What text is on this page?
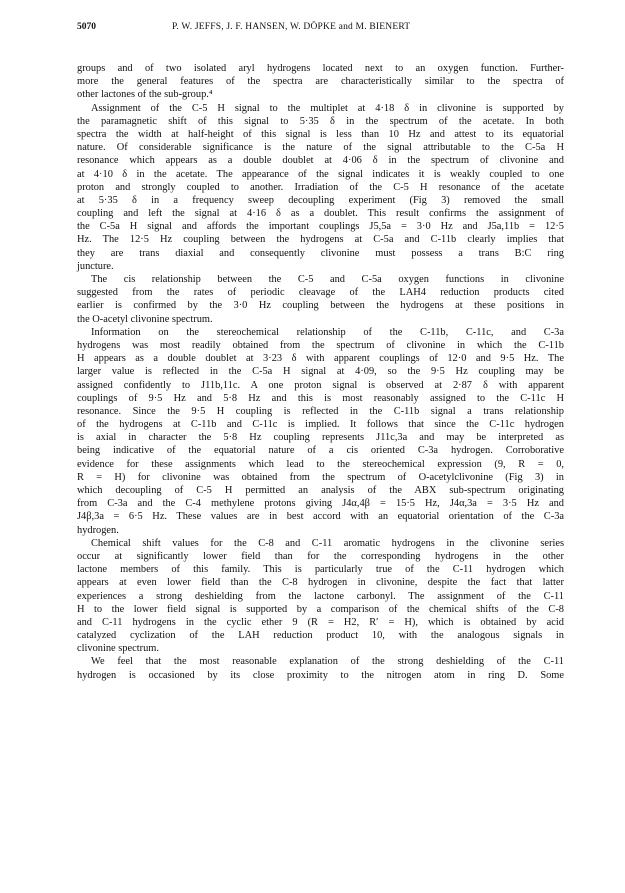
5070	P. W. JEFFS, J. F. HANSEN, W. DÖPKE and M. BIENERT
groups and of two isolated aryl hydrogens located next to an oxygen function. Further-
more the general features of the spectra are characteristically similar to the spectra of
other lactones of the sub-group.⁴
Assignment of the C-5 H signal to the multiplet at 4·18 δ in clivonine is supported by
the paramagnetic shift of this signal to 5·35 δ in the spectrum of the acetate. In both
spectra the width at half-height of this signal is less than 10 Hz and attest to its equatorial
nature. Of considerable significance is the nature of the signal attributable to the C-5a H
resonance which appears as a double doublet at 4·06 δ in the spectrum of clivonine and
at 4·10 δ in the acetate. The appearance of the signal indicates it is weakly coupled to one
proton and strongly coupled to another. Irradiation of the C-5 H resonance of the acetate
at 5·35 δ in a frequency sweep decoupling experiment (Fig 3) removed the small
coupling and left the signal at 4·16 δ as a doublet. This result confirms the assignment of
the C-5a H signal and affords the important couplings J5,5a = 3·0 Hz and J5a,11b = 12·5
Hz. The 12·5 Hz coupling between the hydrogens at C-5a and C-11b clearly implies that
they are trans diaxial and consequently clivonine must possess a trans B:C ring
juncture.
The cis relationship between the C-5 and C-5a oxygen functions in clivonine
suggested from the rates of periodic cleavage of the LAH4 reduction products cited
earlier is confirmed by the 3·0 Hz coupling between the hydrogens at these positions in
the O-acetyl clivonine spectrum.
Information on the stereochemical relationship of the C-11b, C-11c, and C-3a
hydrogens was most readily obtained from the spectrum of clivonine in which the C-11b
H appears as a double doublet at 3·23 δ with apparent couplings of 12·0 and 9·5 Hz. The
larger value is reflected in the C-5a H signal at 4·09, so the 9·5 Hz coupling may be
assigned confidently to J11b,11c. A one proton signal is observed at 2·87 δ with apparent
couplings of 9·5 Hz and 5·8 Hz and this is most reasonably assigned to the C-11c H
resonance. Since the 9·5 H coupling is reflected in the C-11b signal a trans relationship
of the hydrogens at C-11b and C-11c is implied. It follows that since the C-11c hydrogen
is axial in character the 5·8 Hz coupling represents J11c,3a and may be interpreted as
being indicative of the equatorial nature of a cis oriented C-3a hydrogen. Corroborative
evidence for these assignments which lead to the stereochemical expression (9, R = 0,
R = H) for clivonine was obtained from the spectrum of O-acetylclivonine (Fig 3) in
which decoupling of C-5 H permitted an analysis of the ABX sub-spectrum originating
from C-3a and the C-4 methylene protons giving J4α,4β = 15·5 Hz, J4α,3a = 3·5 Hz and
J4β,3a = 6·5 Hz. These values are in best accord with an equatorial orientation of the C-3a
hydrogen.
Chemical shift values for the C-8 and C-11 aromatic hydrogens in the clivonine series
occur at significantly lower field than for the corresponding hydrogens in the other
lactone members of this family. This is particularly true of the C-11 hydrogen which
appears at even lower field than the C-8 hydrogen in clivonine, despite the fact that latter
experiences a strong deshielding from the lactone carbonyl. The assignment of the C-11
H to the lower field signal is supported by a comparison of the chemical shifts of the C-8
and C-11 hydrogens in the cyclic ether 9 (R = H2, R′ = H), which is obtained by acid
catalyzed cyclization of the LAH reduction product 10, with the analogous signals in
clivonine spectrum.
We feel that the most reasonable explanation of the strong deshielding of the C-11
hydrogen is occasioned by its close proximity to the nitrogen atom in ring D. Some
